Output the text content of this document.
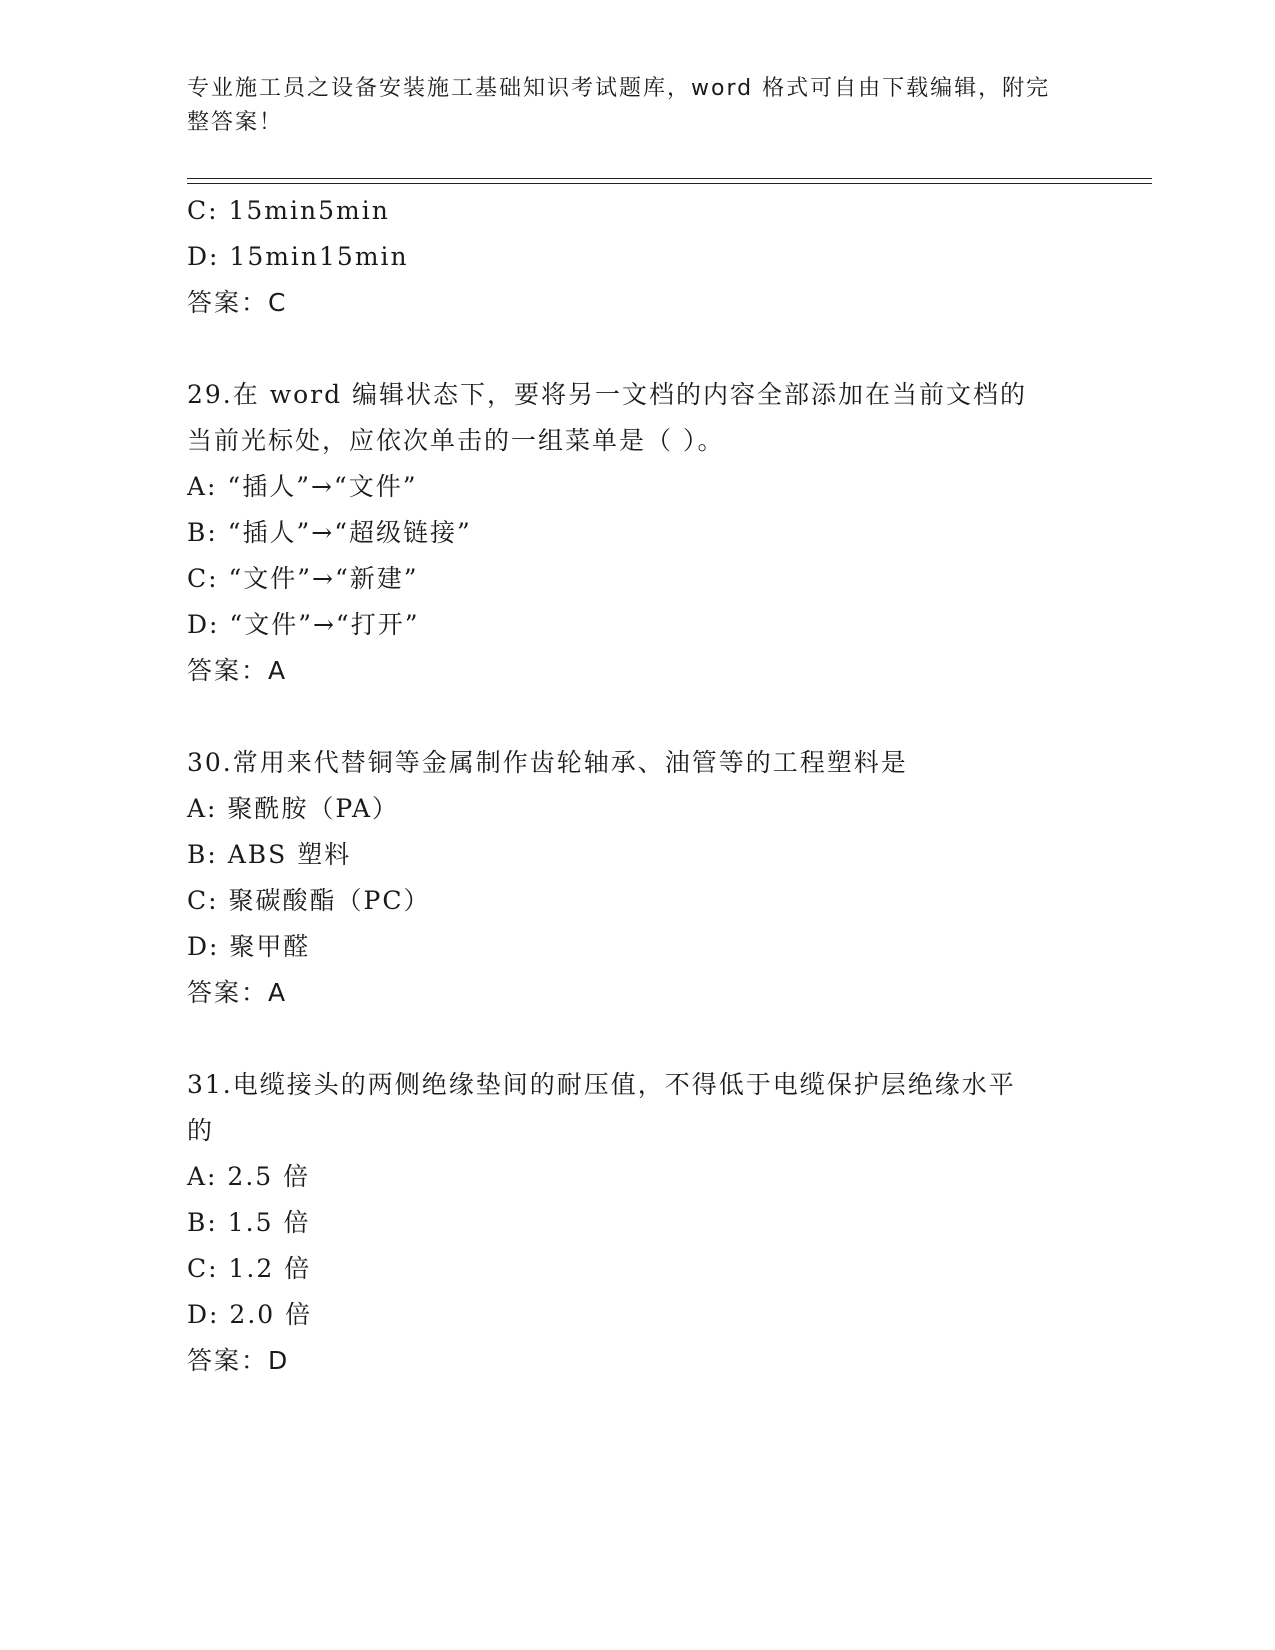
专业施工员之设备安装施工基础知识考试题库，word 格式可自由下载编辑，附完
整答案！
C: 15min5min
D: 15min15min
答案：C
29.在 word 编辑状态下，要将另一文档的内容全部添加在当前文档的
当前光标处，应依次单击的一组菜单是（ ）。
A: “插人”→“文件”
B: “插人”→“超级链接”
C: “文件”→“新建”
D: “文件”→“打开”
答案：A
30.常用来代替铜等金属制作齿轮轴承、油管等的工程塑料是
A: 聚酰胺（PA）
B: ABS 塑料
C: 聚碳酸酯（PC）
D: 聚甲醛
答案：A
31.电缆接头的两侧绝缘垫间的耐压值，不得低于电缆保护层绝缘水平
的
A: 2.5 倍
B: 1.5 倍
C: 1.2 倍
D: 2.0 倍
答案：D
